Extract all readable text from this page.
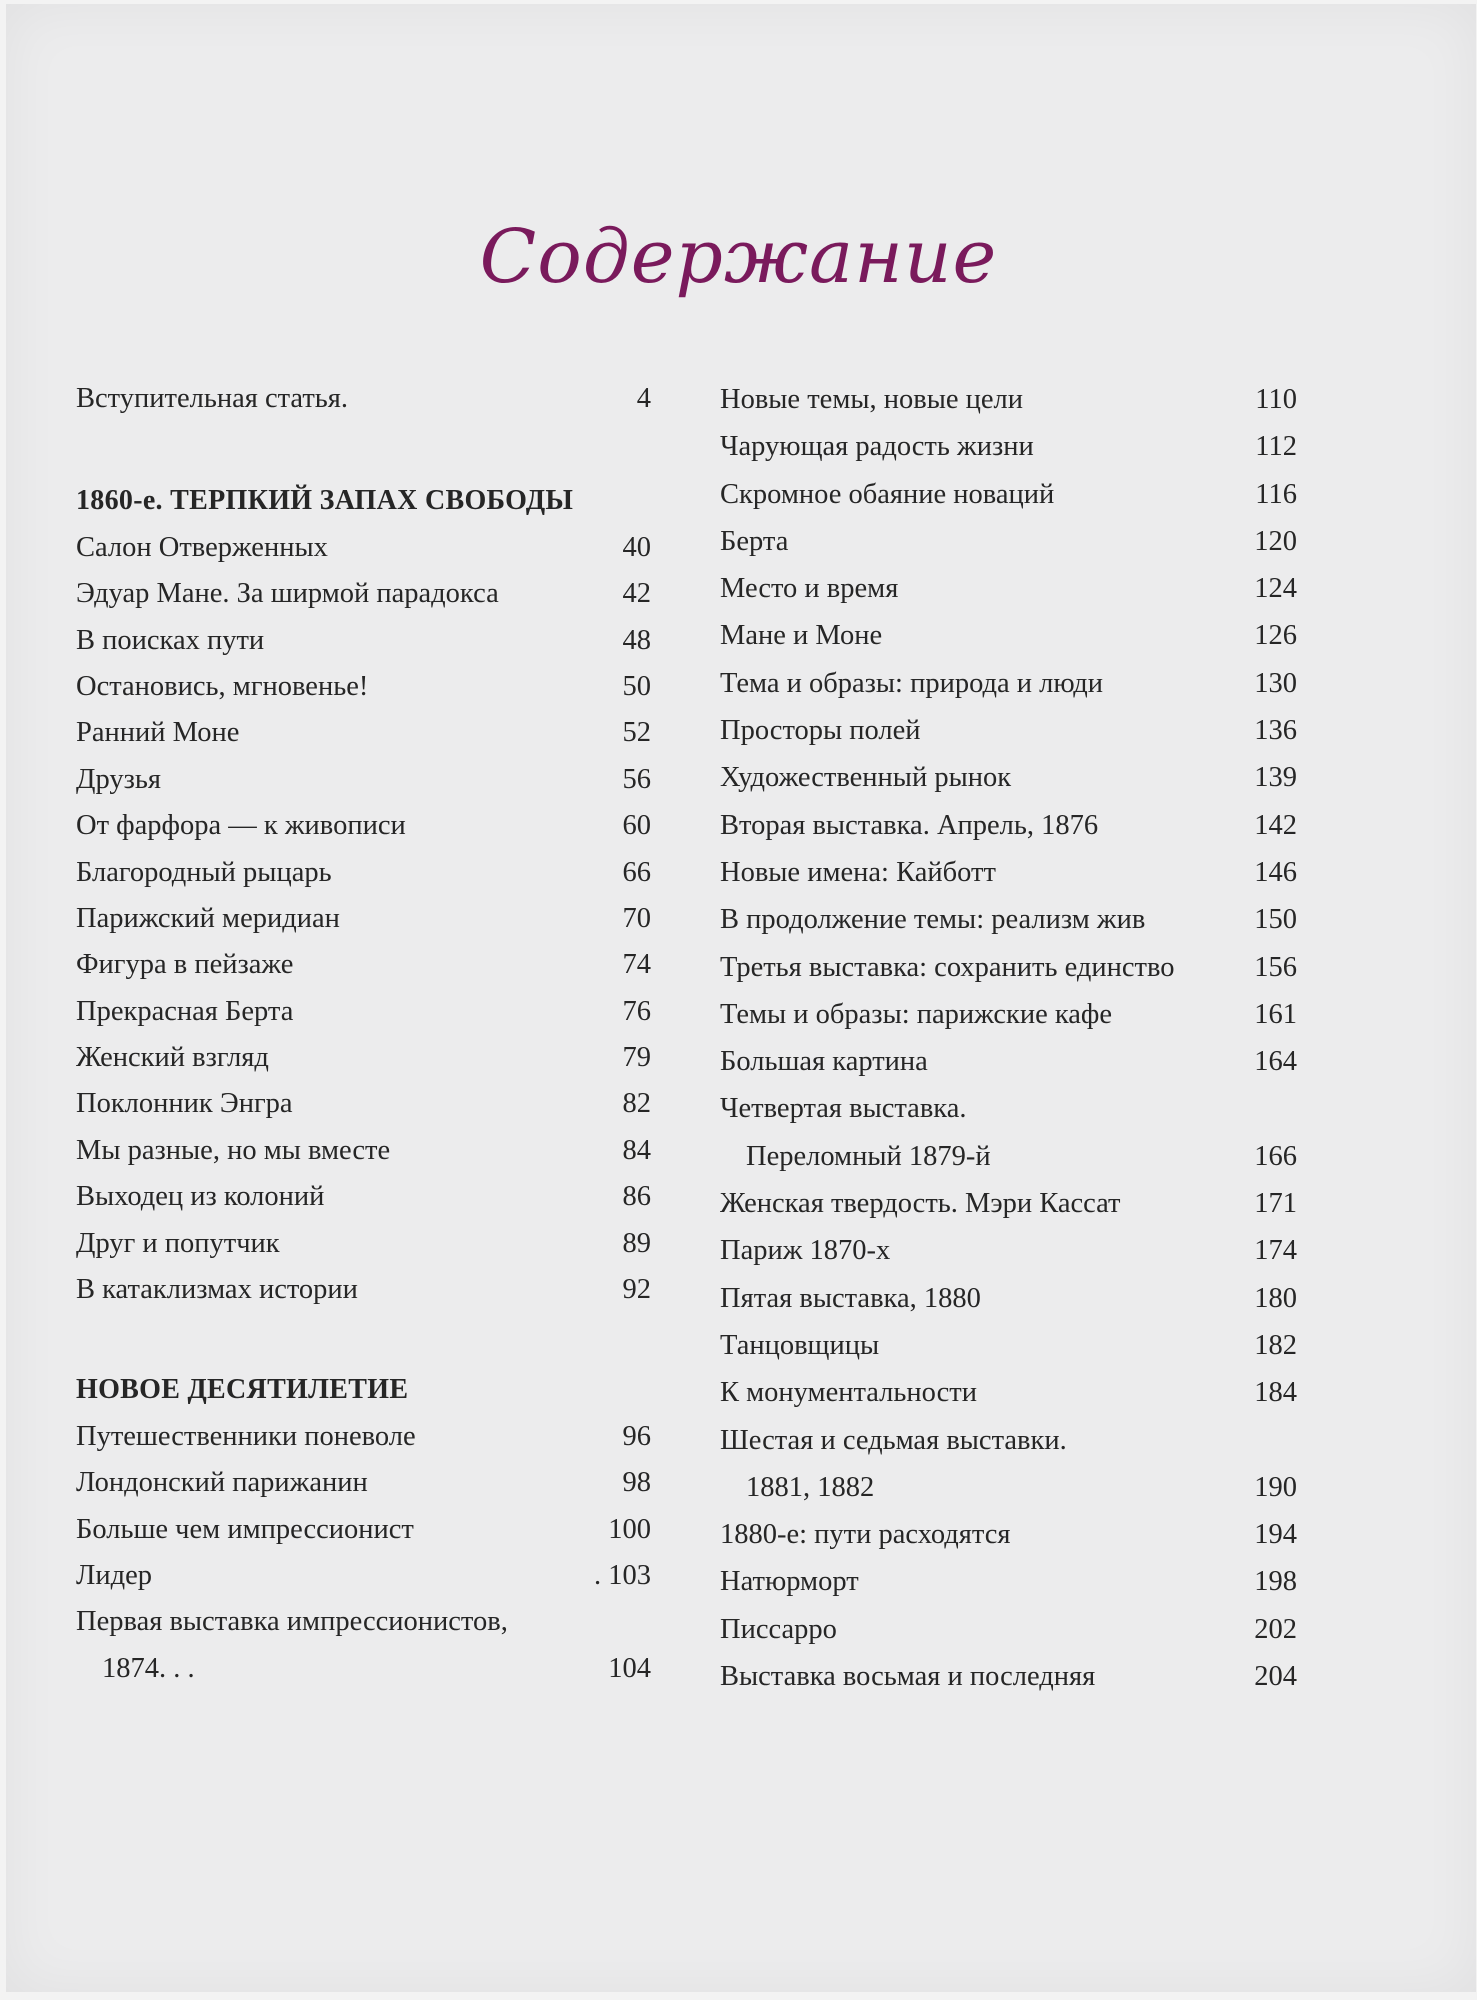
Содержание
Вступительная статья.	4
1860-е. ТЕРПКИЙ ЗАПАХ СВОБОДЫ
Салон Отверженных	40
Эдуар Мане. За ширмой парадокса	42
В поисках пути	48
Остановись, мгновенье!	50
Ранний Моне	52
Друзья	56
От фарфора — к живописи	60
Благородный рыцарь	66
Парижский меридиан	70
Фигура в пейзаже	74
Прекрасная Берта	76
Женский взгляд	79
Поклонник Энгра	82
Мы разные, но мы вместе	84
Выходец из колоний	86
Друг и попутчик	89
В катаклизмах истории	92
НОВОЕ ДЕСЯТИЛЕТИЕ
Путешественники поневоле	96
Лондонский парижанин	98
Больше чем импрессионист	100
Лидер	. 103
Первая выставка импрессионистов,
1874. . .	104
Новые темы, новые цели	110
Чарующая радость жизни	112
Скромное обаяние новаций	116
Берта	120
Место и время	124
Мане и Моне	126
Тема и образы: природа и люди	130
Просторы полей	136
Художественный рынок	139
Вторая выставка. Апрель, 1876	142
Новые имена: Кайботт	146
В продолжение темы: реализм жив	150
Третья выставка: сохранить единство	156
Темы и образы: парижские кафе	161
Большая картина	164
Четвертая выставка.
Переломный 1879-й	166
Женская твердость. Мэри Кассат	171
Париж 1870-х	174
Пятая выставка, 1880	180
Танцовщицы	182
К монументальности	184
Шестая и седьмая выставки.
1881, 1882	190
1880-е: пути расходятся	194
Натюрморт	198
Писсарро	202
Выставка восьмая и последняя	204
